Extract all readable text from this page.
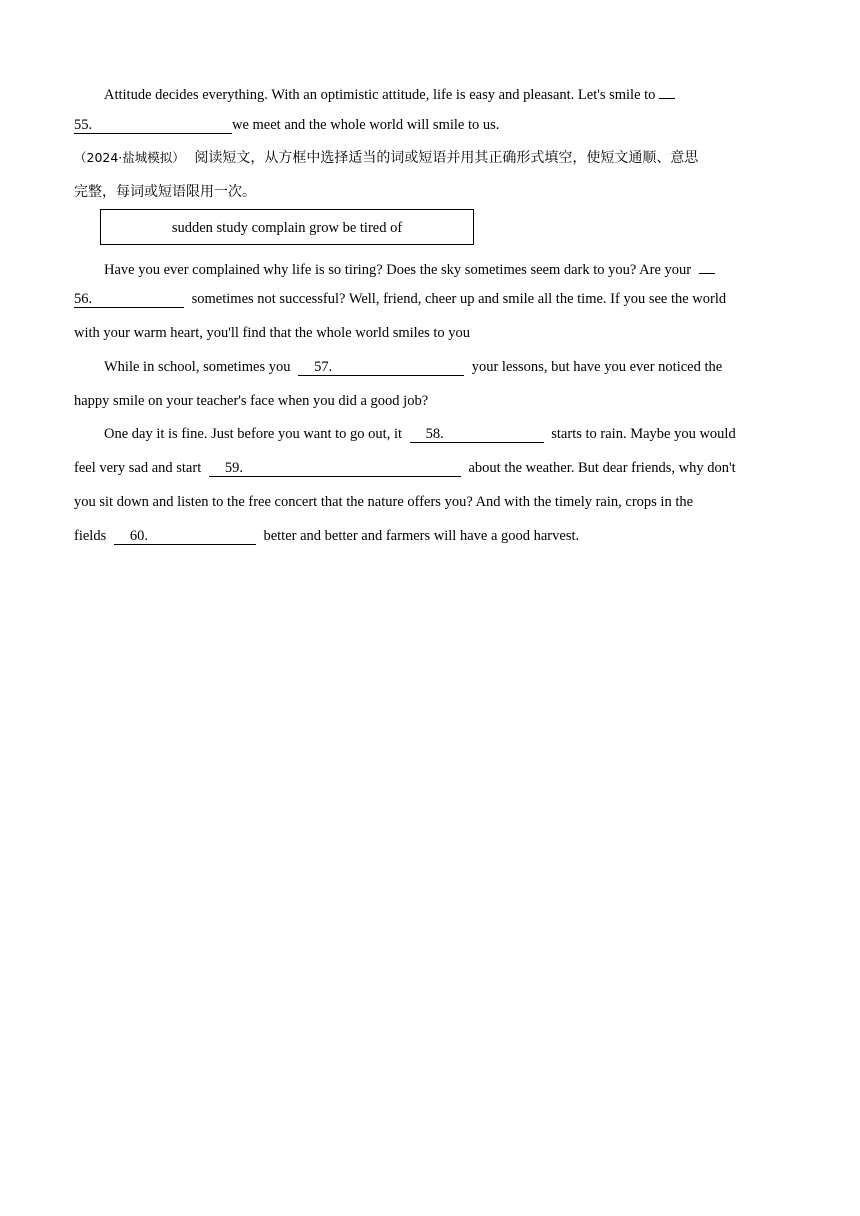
Attitude decides everything. With an optimistic attitude, life is easy and pleasant. Let's smile to
55.	we meet and the whole world will smile to us.
（2024·盐城模拟） 阅读短文，从方框中选择适当的词或短语并用其正确形式填空，使短文通顺、意思
完整，每词或短语限用一次。
sudden study complain grow be tired of
Have you ever complained why life is so tiring? Does the sky sometimes seem dark to you? Are your
56.	sometimes not successful? Well, friend, cheer up and smile all the time. If you see the world
with your warm heart, you'll find that the whole world smiles to you
While in school, sometimes you 57.	your lessons, but have you ever noticed the
happy smile on your teacher's face when you did a good job?
One day it is fine. Just before you want to go out, it 58.	starts to rain. Maybe you would
feel very sad and start 59.	about the weather. But dear friends, why don't
you sit down and listen to the free concert that the nature offers you? And with the timely rain, crops in the
fields 60.	better and better and farmers will have a good harvest.
